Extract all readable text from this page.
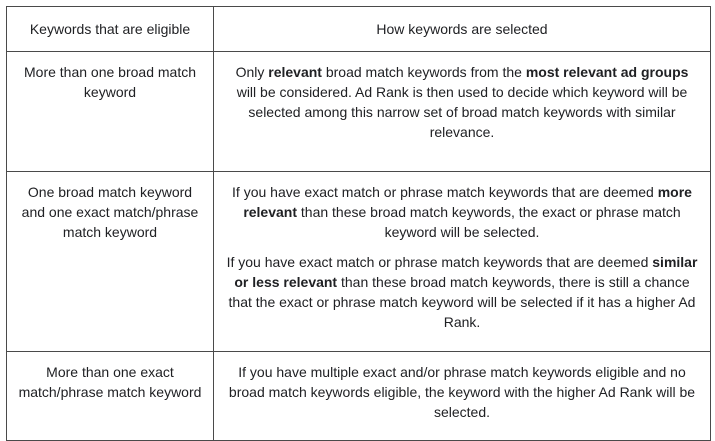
Keywords that are eligible	How keywords are selected
More than one broad match keyword	Only relevant broad match keywords from the most relevant ad groups will be considered. Ad Rank is then used to decide which keyword will be selected among this narrow set of broad match keywords with similar relevance.

One broad match keyword and one exact match/phrase match keyword	If you have exact match or phrase match keywords that are deemed more relevant than these broad match keywords, the exact or phrase match keyword will be selected.

If you have exact match or phrase match keywords that are deemed similar or less relevant than these broad match keywords, there is still a chance that the exact or phrase match keyword will be selected if it has a higher Ad Rank.

More than one exact match/phrase match keyword	If you have multiple exact and/or phrase match keywords eligible and no broad match keywords eligible, the keyword with the higher Ad Rank will be selected.
